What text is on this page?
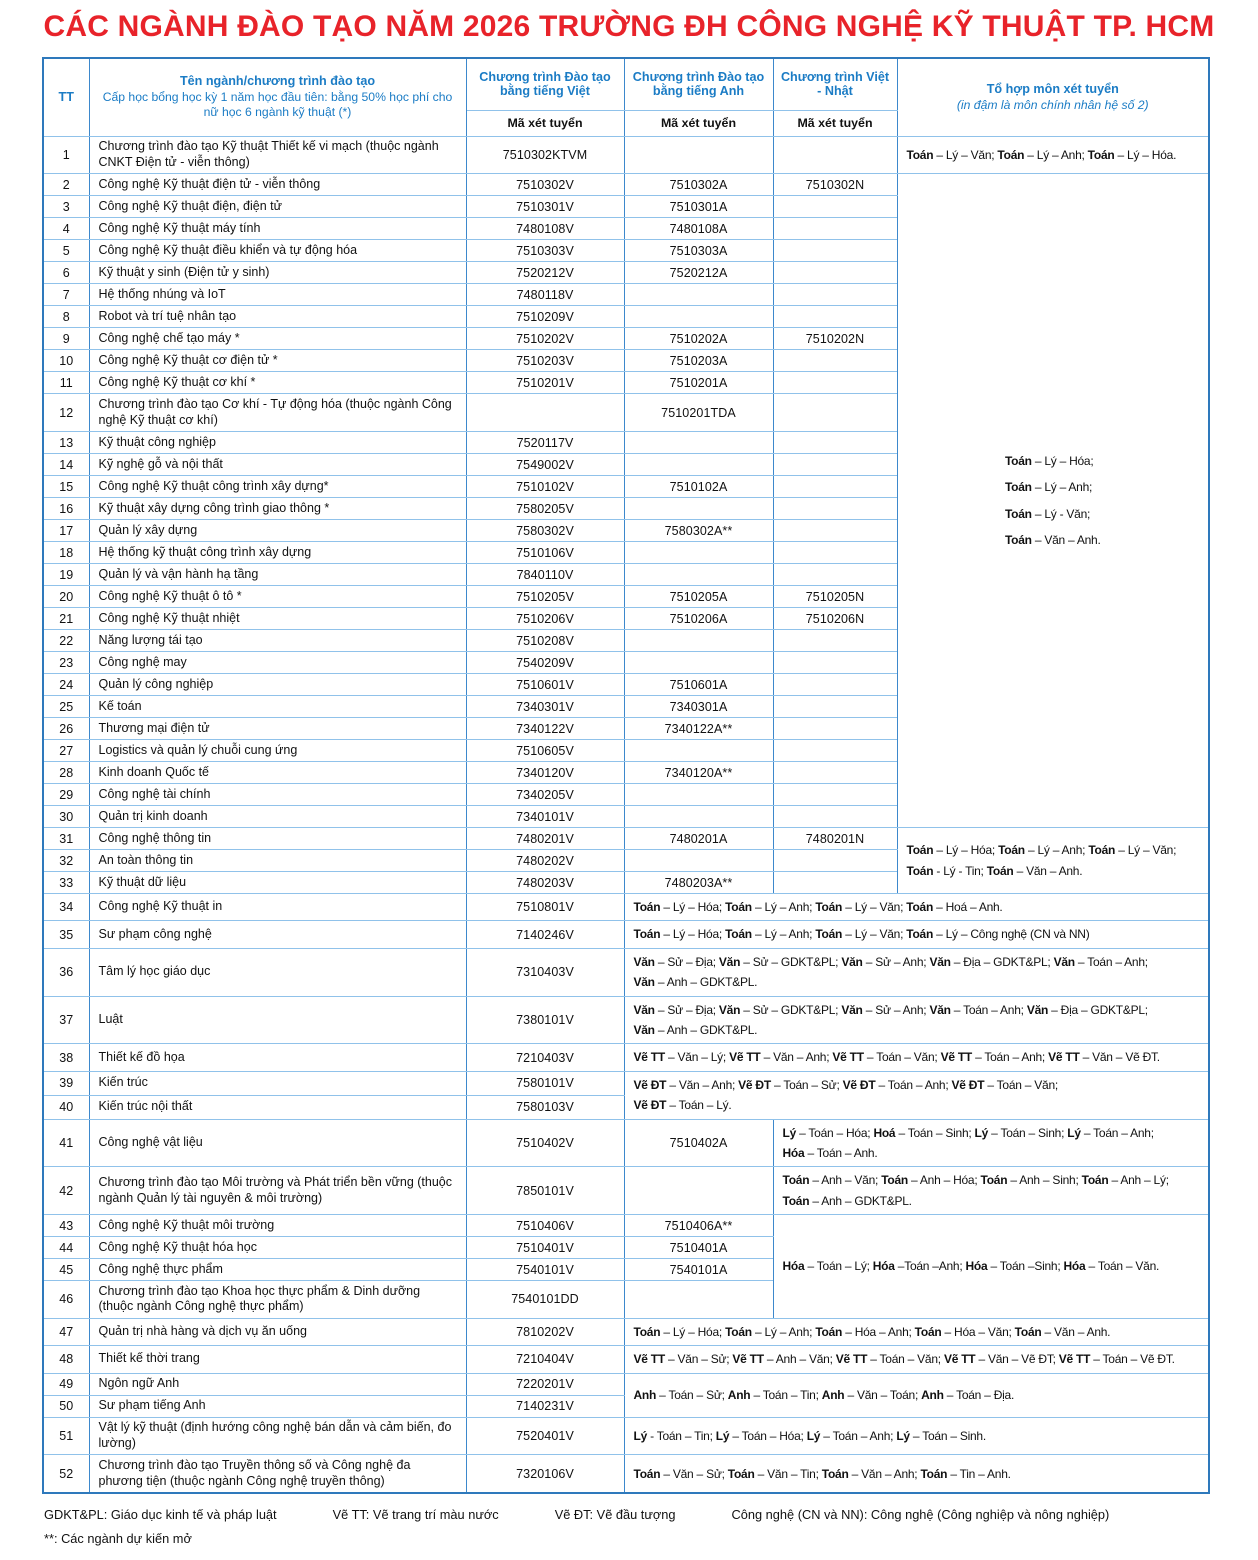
CÁC NGÀNH ĐÀO TẠO NĂM 2026 TRƯỜNG ĐH CÔNG NGHỆ KỸ THUẬT TP. HCM
TT	
Tên ngành/chương trình đào tạo
Cấp học bổng học kỳ 1 năm học đầu tiên: bằng 50% học phí cho nữ học 6 ngành kỹ thuật (*)
	Chương trình Đào tạo bằng tiếng Việt	Chương trình Đào tạo bằng tiếng Anh	Chương trình Việt - Nhật	Tổ hợp môn xét tuyển
(in đậm là môn chính nhân hệ số 2)

		Mã xét tuyển	Mã xét tuyển	Mã xét tuyển	
1	Chương trình đào tạo Kỹ thuật Thiết kế vi mạch (thuộc ngành CNKT Điện tử - viễn thông)	7510302KTVM			Toán – Lý – Văn; Toán – Lý – Anh; Toán – Lý – Hóa.
2	Công nghệ Kỹ thuật điện tử - viễn thông	7510302V	7510302A	7510302N	Toán – Lý – Hóa;
Toán – Lý – Anh;
Toán – Lý - Văn;
Toán – Văn – Anh.
3	Công nghệ Kỹ thuật điện, điện tử	7510301V	7510301A		
4	Công nghệ Kỹ thuật máy tính	7480108V	7480108A		
5	Công nghệ Kỹ thuật điều khiển và tự động hóa	7510303V	7510303A		
6	Kỹ thuật y sinh (Điện tử y sinh)	7520212V	7520212A		
7	Hệ thống nhúng và IoT	7480118V			
8	Robot và trí tuệ nhân tạo	7510209V			
9	Công nghệ chế tạo máy *	7510202V	7510202A	7510202N	
10	Công nghệ Kỹ thuật cơ điện tử *	7510203V	7510203A		
11	Công nghệ Kỹ thuật cơ khí *	7510201V	7510201A		
12	Chương trình đào tạo Cơ khí - Tự động hóa (thuộc ngành Công nghệ Kỹ thuật cơ khí)		7510201TDA		
13	Kỹ thuật công nghiệp	7520117V			
14	Kỹ nghệ gỗ và nội thất	7549002V			
15	Công nghệ Kỹ thuật công trình xây dựng*	7510102V	7510102A		
16	Kỹ thuật xây dựng công trình giao thông *	7580205V			
17	Quản lý xây dựng	7580302V	7580302A**		
18	Hệ thống kỹ thuật công trình xây dựng	7510106V			
19	Quản lý và vận hành hạ tầng	7840110V			
20	Công nghệ Kỹ thuật ô tô *	7510205V	7510205A	7510205N	
21	Công nghệ Kỹ thuật nhiệt	7510206V	7510206A	7510206N	
22	Năng lượng tái tạo	7510208V			
23	Công nghệ may	7540209V			
24	Quản lý công nghiệp	7510601V	7510601A		
25	Kế toán	7340301V	7340301A		
26	Thương mại điện tử	7340122V	7340122A**		
27	Logistics và quản lý chuỗi cung ứng	7510605V			
28	Kinh doanh Quốc tế	7340120V	7340120A**		
29	Công nghệ tài chính	7340205V			
30	Quản trị kinh doanh	7340101V			
31	Công nghệ thông tin	7480201V	7480201A	7480201N	Toán – Lý – Hóa; Toán – Lý – Anh; Toán – Lý – Văn;
Toán - Lý - Tin; Toán – Văn – Anh.
32	An toàn thông tin	7480202V			
33	Kỹ thuật dữ liệu	7480203V	7480203A**		
34	Công nghệ Kỹ thuật in	7510801V	Toán – Lý – Hóa; Toán – Lý – Anh; Toán – Lý – Văn; Toán – Hoá – Anh.		
35	Sư phạm công nghệ	7140246V	Toán – Lý – Hóa; Toán – Lý – Anh; Toán – Lý – Văn; Toán – Lý – Công nghệ (CN và NN)		
36	Tâm lý học giáo dục	7310403V	Văn – Sử – Địa; Văn – Sử – GDKT&PL; Văn – Sử – Anh; Văn – Địa – GDKT&PL; Văn – Toán – Anh;
Văn – Anh – GDKT&PL.		
37	Luật	7380101V	Văn – Sử – Địa; Văn – Sử – GDKT&PL; Văn – Sử – Anh; Văn – Toán – Anh; Văn – Địa – GDKT&PL;
Văn – Anh – GDKT&PL.		
38	Thiết kế đồ họa	7210403V	Vẽ TT – Văn – Lý; Vẽ TT – Văn – Anh; Vẽ TT – Toán – Văn; Vẽ TT – Toán – Anh; Vẽ TT – Văn – Vẽ ĐT.		
39	Kiến trúc	7580101V	Vẽ ĐT – Văn – Anh; Vẽ ĐT – Toán – Sử; Vẽ ĐT – Toán – Anh; Vẽ ĐT – Toán – Văn;
Vẽ ĐT – Toán – Lý.		
40	Kiến trúc nội thất	7580103V			
41	Công nghệ vật liệu	7510402V	7510402A	Lý – Toán – Hóa; Hoá – Toán – Sinh; Lý – Toán – Sinh; Lý – Toán – Anh;
Hóa – Toán – Anh.	
42	Chương trình đào tạo Môi trường và Phát triển bền vững (thuộc ngành Quản lý tài nguyên & môi trường)	7850101V		Toán – Anh – Văn; Toán – Anh – Hóa; Toán – Anh – Sinh; Toán – Anh – Lý;
Toán – Anh – GDKT&PL.	
43	Công nghệ Kỹ thuật môi trường	7510406V	7510406A**	Hóa – Toán – Lý; Hóa –Toán –Anh; Hóa – Toán –Sinh; Hóa – Toán – Văn.	
44	Công nghệ Kỹ thuật hóa học	7510401V	7510401A		
45	Công nghệ thực phẩm	7540101V	7540101A		
46	Chương trình đào tạo Khoa học thực phẩm & Dinh dưỡng (thuộc ngành Công nghệ thực phẩm)	7540101DD			
47	Quản trị nhà hàng và dịch vụ ăn uống	7810202V	Toán – Lý – Hóa; Toán – Lý – Anh; Toán – Hóa – Anh; Toán – Hóa – Văn; Toán – Văn – Anh.		
48	Thiết kế thời trang	7210404V	Vẽ TT – Văn – Sử; Vẽ TT – Anh – Văn; Vẽ TT – Toán – Văn; Vẽ TT – Văn – Vẽ ĐT; Vẽ TT – Toán – Vẽ ĐT.		
49	Ngôn ngữ Anh	7220201V	Anh – Toán – Sử; Anh – Toán – Tin; Anh – Văn – Toán; Anh – Toán – Địa.		
50	Sư phạm tiếng Anh	7140231V			
51	Vật lý kỹ thuật (định hướng công nghệ bán dẫn và cảm biến, đo lường)	7520401V	Lý - Toán – Tin; Lý – Toán – Hóa; Lý – Toán – Anh; Lý – Toán – Sinh.		
52	Chương trình đào tạo Truyền thông số và Công nghệ đa phương tiện (thuộc ngành Công nghệ truyền thông)	7320106V	Toán – Văn – Sử; Toán – Văn – Tin; Toán – Văn – Anh; Toán – Tin – Anh.		
GDKT&PL: Giáo dục kinh tế và pháp luật	Vẽ TT: Vẽ trang trí màu nước	Vẽ ĐT: Vẽ đầu tượng	Công nghệ (CN và NN): Công nghệ (Công nghiệp và nông nghiệp)
**: Các ngành dự kiến mở
